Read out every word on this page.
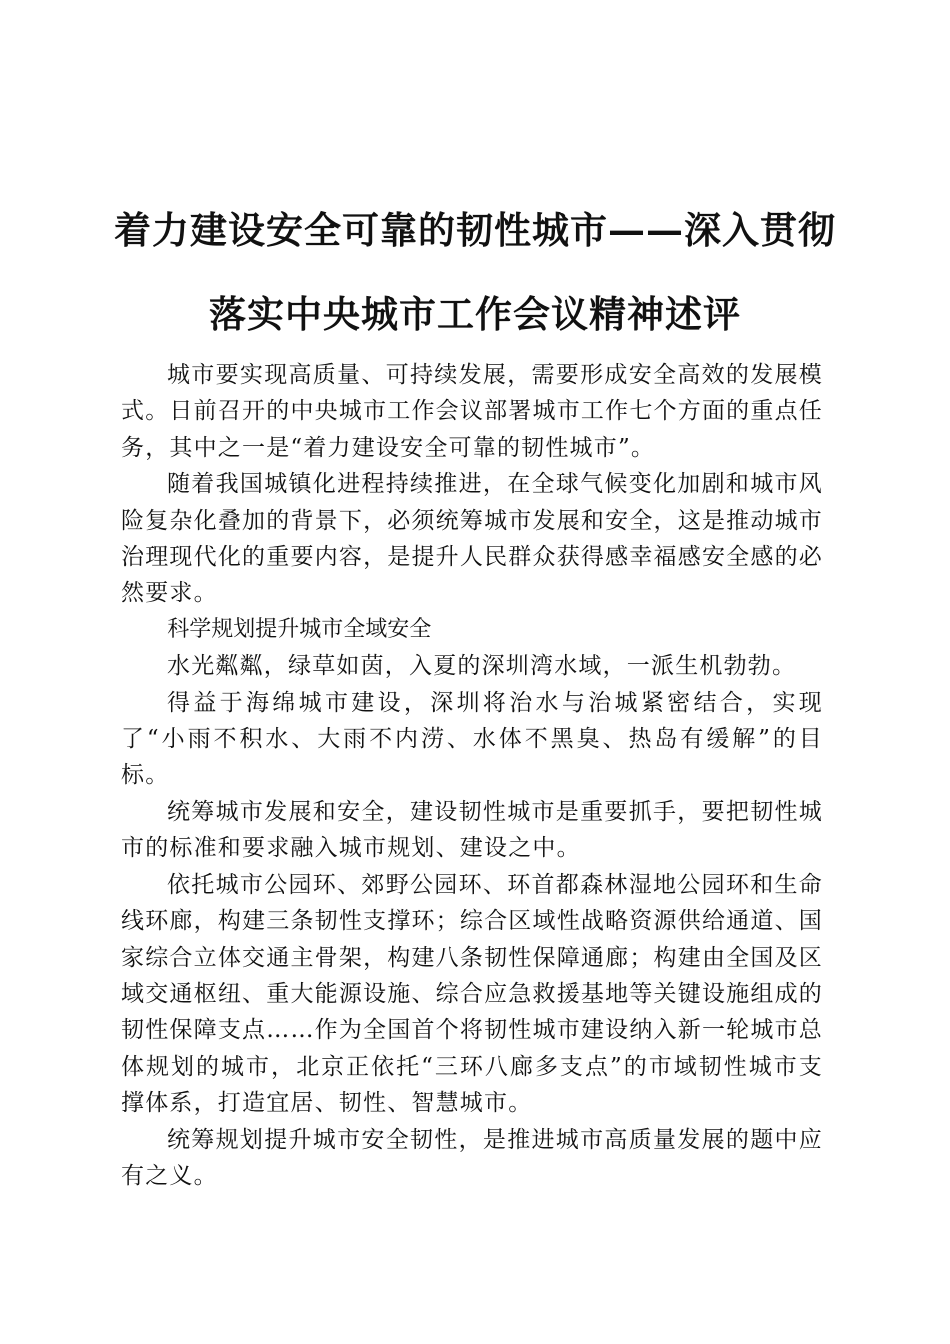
着力建设安全可靠的韧性城市——深入贯彻落实中央城市工作会议精神述评

城市要实现高质量、可持续发展，需要形成安全高效的发展模式。日前召开的中央城市工作会议部署城市工作七个方面的重点任务，其中之一是“着力建设安全可靠的韧性城市”。

随着我国城镇化进程持续推进，在全球气候变化加剧和城市风险复杂化叠加的背景下，必须统筹城市发展和安全，这是推动城市治理现代化的重要内容，是提升人民群众获得感幸福感安全感的必然要求。

科学规划提升城市全域安全

水光粼粼，绿草如茵，入夏的深圳湾水域，一派生机勃勃。

得益于海绵城市建设，深圳将治水与治城紧密结合，实现了“小雨不积水、大雨不内涝、水体不黑臭、热岛有缓解”的目标。

统筹城市发展和安全，建设韧性城市是重要抓手，要把韧性城市的标准和要求融入城市规划、建设之中。

依托城市公园环、郊野公园环、环首都森林湿地公园环和生命线环廊，构建三条韧性支撑环；综合区域性战略资源供给通道、国家综合立体交通主骨架，构建八条韧性保障通廊；构建由全国及区域交通枢纽、重大能源设施、综合应急救援基地等关键设施组成的韧性保障支点……作为全国首个将韧性城市建设纳入新一轮城市总体规划的城市，北京正依托“三环八廊多支点”的市域韧性城市支撑体系，打造宜居、韧性、智慧城市。

统筹规划提升城市安全韧性，是推进城市高质量发展的题中应有之义。
